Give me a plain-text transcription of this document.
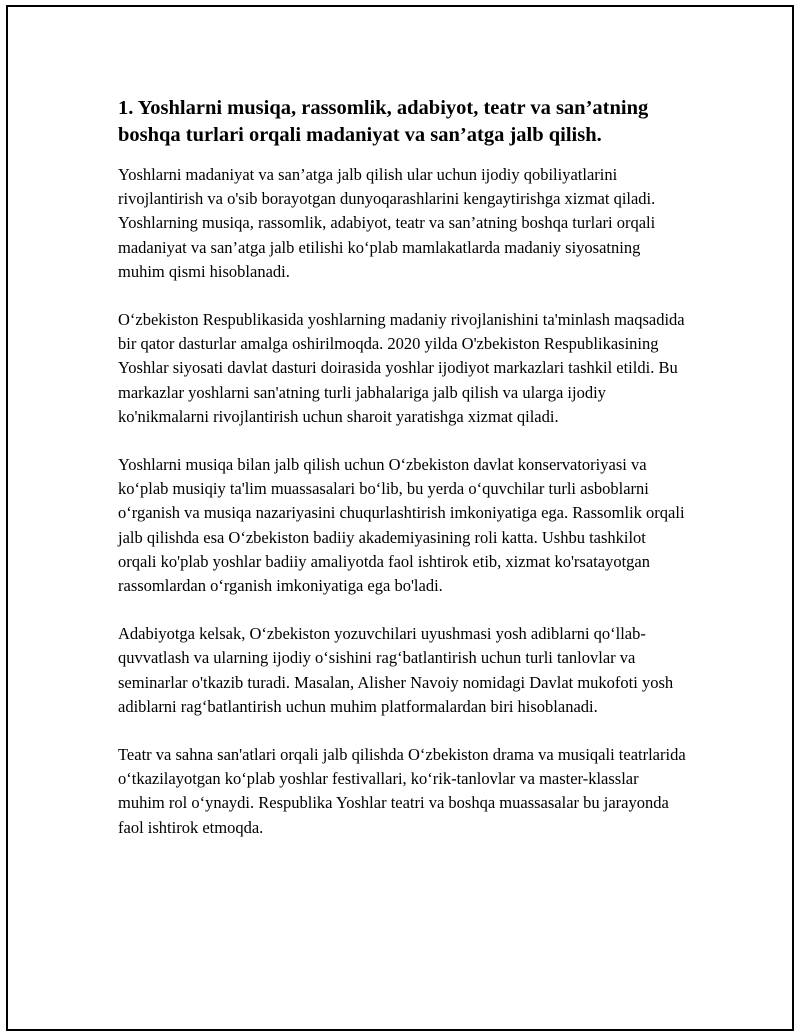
1. Yoshlarni musiqa, rassomlik, adabiyot, teatr va san’atning boshqa turlari orqali madaniyat va san’atga jalb qilish.

Yoshlarni madaniyat va san’atga jalb qilish ular uchun ijodiy qobiliyatlarini rivojlantirish va o'sib borayotgan dunyoqarashlarini kengaytirishga xizmat qiladi. Yoshlarning musiqa, rassomlik, adabiyot, teatr va san’atning boshqa turlari orqali madaniyat va san’atga jalb etilishi ko‘plab mamlakatlarda madaniy siyosatning muhim qismi hisoblanadi.

O‘zbekiston Respublikasida yoshlarning madaniy rivojlanishini ta'minlash maqsadida bir qator dasturlar amalga oshirilmoqda. 2020 yilda O'zbekiston Respublikasining Yoshlar siyosati davlat dasturi doirasida yoshlar ijodiyot markazlari tashkil etildi. Bu markazlar yoshlarni san'atning turli jabhalariga jalb qilish va ularga ijodiy ko'nikmalarni rivojlantirish uchun sharoit yaratishga xizmat qiladi.

Yoshlarni musiqa bilan jalb qilish uchun O‘zbekiston davlat konservatoriyasi va ko‘plab musiqiy ta'lim muassasalari bo‘lib, bu yerda o‘quvchilar turli asboblarni o‘rganish va musiqa nazariyasini chuqurlashtirish imkoniyatiga ega. Rassomlik orqali jalb qilishda esa O‘zbekiston badiiy akademiyasining roli katta. Ushbu tashkilot orqali ko'plab yoshlar badiiy amaliyotda faol ishtirok etib, xizmat ko'rsatayotgan rassomlardan o‘rganish imkoniyatiga ega bo'ladi.

Adabiyotga kelsak, O‘zbekiston yozuvchilari uyushmasi yosh adiblarni qo‘llab-quvvatlash va ularning ijodiy o‘sishini rag‘batlantirish uchun turli tanlovlar va seminarlar o'tkazib turadi. Masalan, Alisher Navoiy nomidagi Davlat mukofoti yosh adiblarni rag‘batlantirish uchun muhim platformalardan biri hisoblanadi.

Teatr va sahna san'atlari orqali jalb qilishda O‘zbekiston drama va musiqali teatrlarida o‘tkazilayotgan ko‘plab yoshlar festivallari, ko‘rik-tanlovlar va master-klasslar muhim rol o‘ynaydi. Respublika Yoshlar teatri va boshqa muassasalar bu jarayonda faol ishtirok etmoqda.
